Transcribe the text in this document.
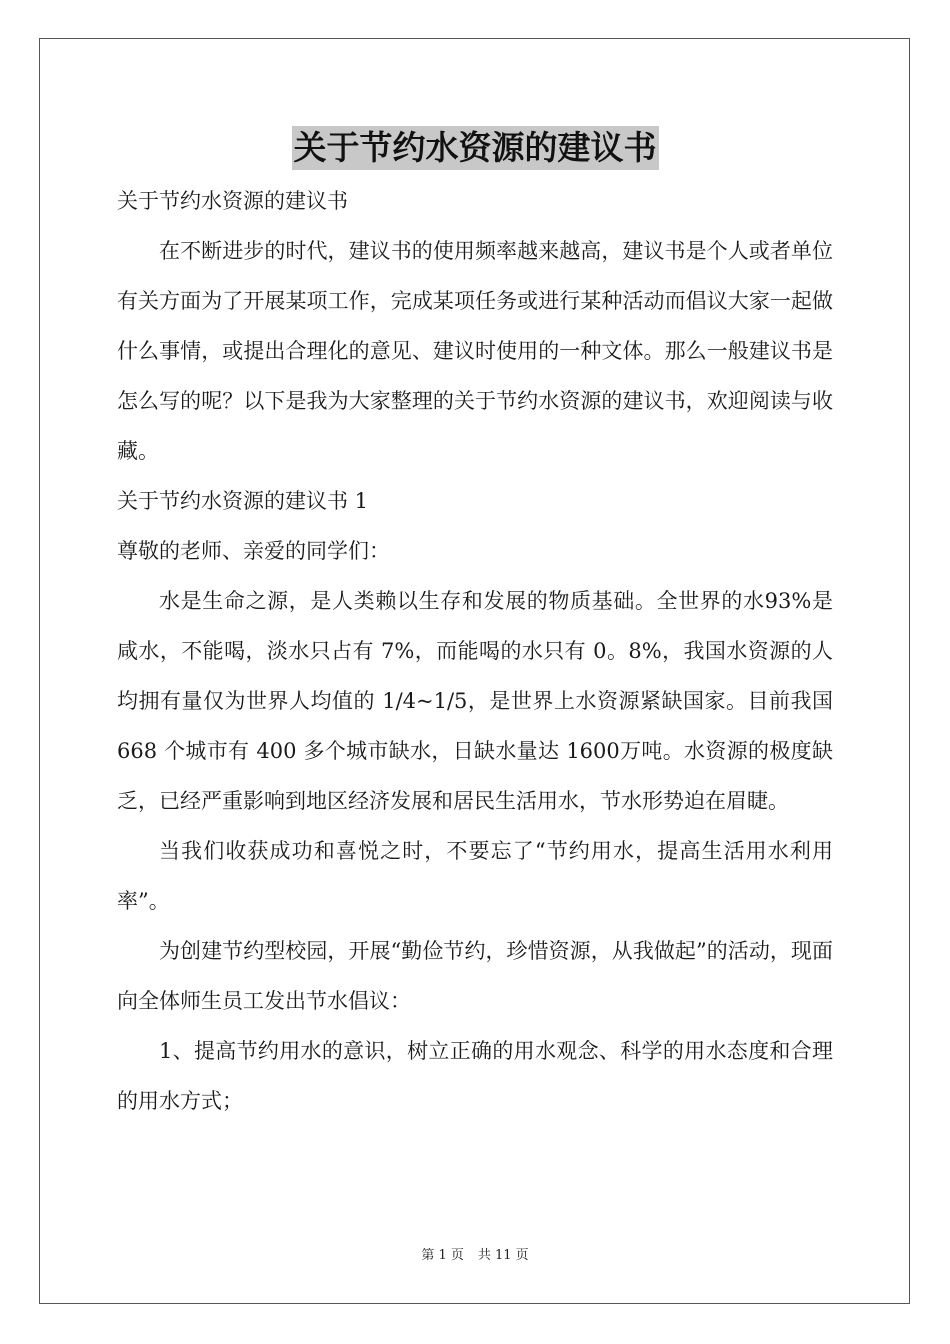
关于节约水资源的建议书

关于节约水资源的建议书

在不断进步的时代，建议书的使用频率越来越高，建议书是个人或者单位有关方面为了开展某项工作，完成某项任务或进行某种活动而倡议大家一起做什么事情，或提出合理化的意见、建议时使用的一种文体。那么一般建议书是怎么写的呢？以下是我为大家整理的关于节约水资源的建议书，欢迎阅读与收藏。

关于节约水资源的建议书 1

尊敬的老师、亲爱的同学们：

水是生命之源，是人类赖以生存和发展的物质基础。全世界的水93%是咸水，不能喝，淡水只占有 7%，而能喝的水只有 0。8%，我国水资源的人均拥有量仅为世界人均值的 1/4~1/5，是世界上水资源紧缺国家。目前我国 668 个城市有 400 多个城市缺水，日缺水量达 1600万吨。水资源的极度缺乏，已经严重影响到地区经济发展和居民生活用水，节水形势迫在眉睫。

当我们收获成功和喜悦之时，不要忘了“节约用水，提高生活用水利用率”。

为创建节约型校园，开展“勤俭节约，珍惜资源，从我做起”的活动，现面向全体师生员工发出节水倡议：

1、提高节约用水的意识，树立正确的用水观念、科学的用水态度和合理的用水方式；

第 1 页 共 11 页
